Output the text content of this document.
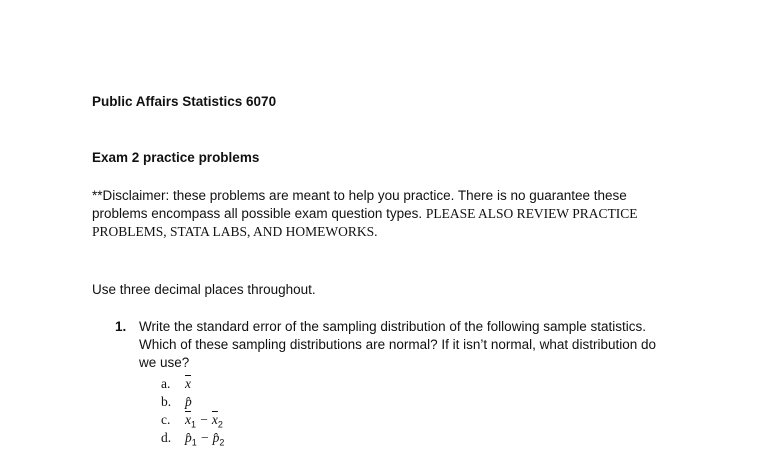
Public Affairs Statistics 6070
Exam 2 practice problems
**Disclaimer: these problems are meant to help you practice. There is no guarantee these
problems encompass all possible exam question types. PLEASE ALSO REVIEW PRACTICE
PROBLEMS, STATA LABS, AND HOMEWORKS.
Use three decimal places throughout.
1. Write the standard error of the sampling distribution of the following sample statistics.
Which of these sampling distributions are normal? If it isn’t normal, what distribution do
we use?
a. $\overline{x}$
b. p̂
c. $\overline{x}_1 - \overline{x}_2$
d. $p̂_1$ − $p̂_2$
